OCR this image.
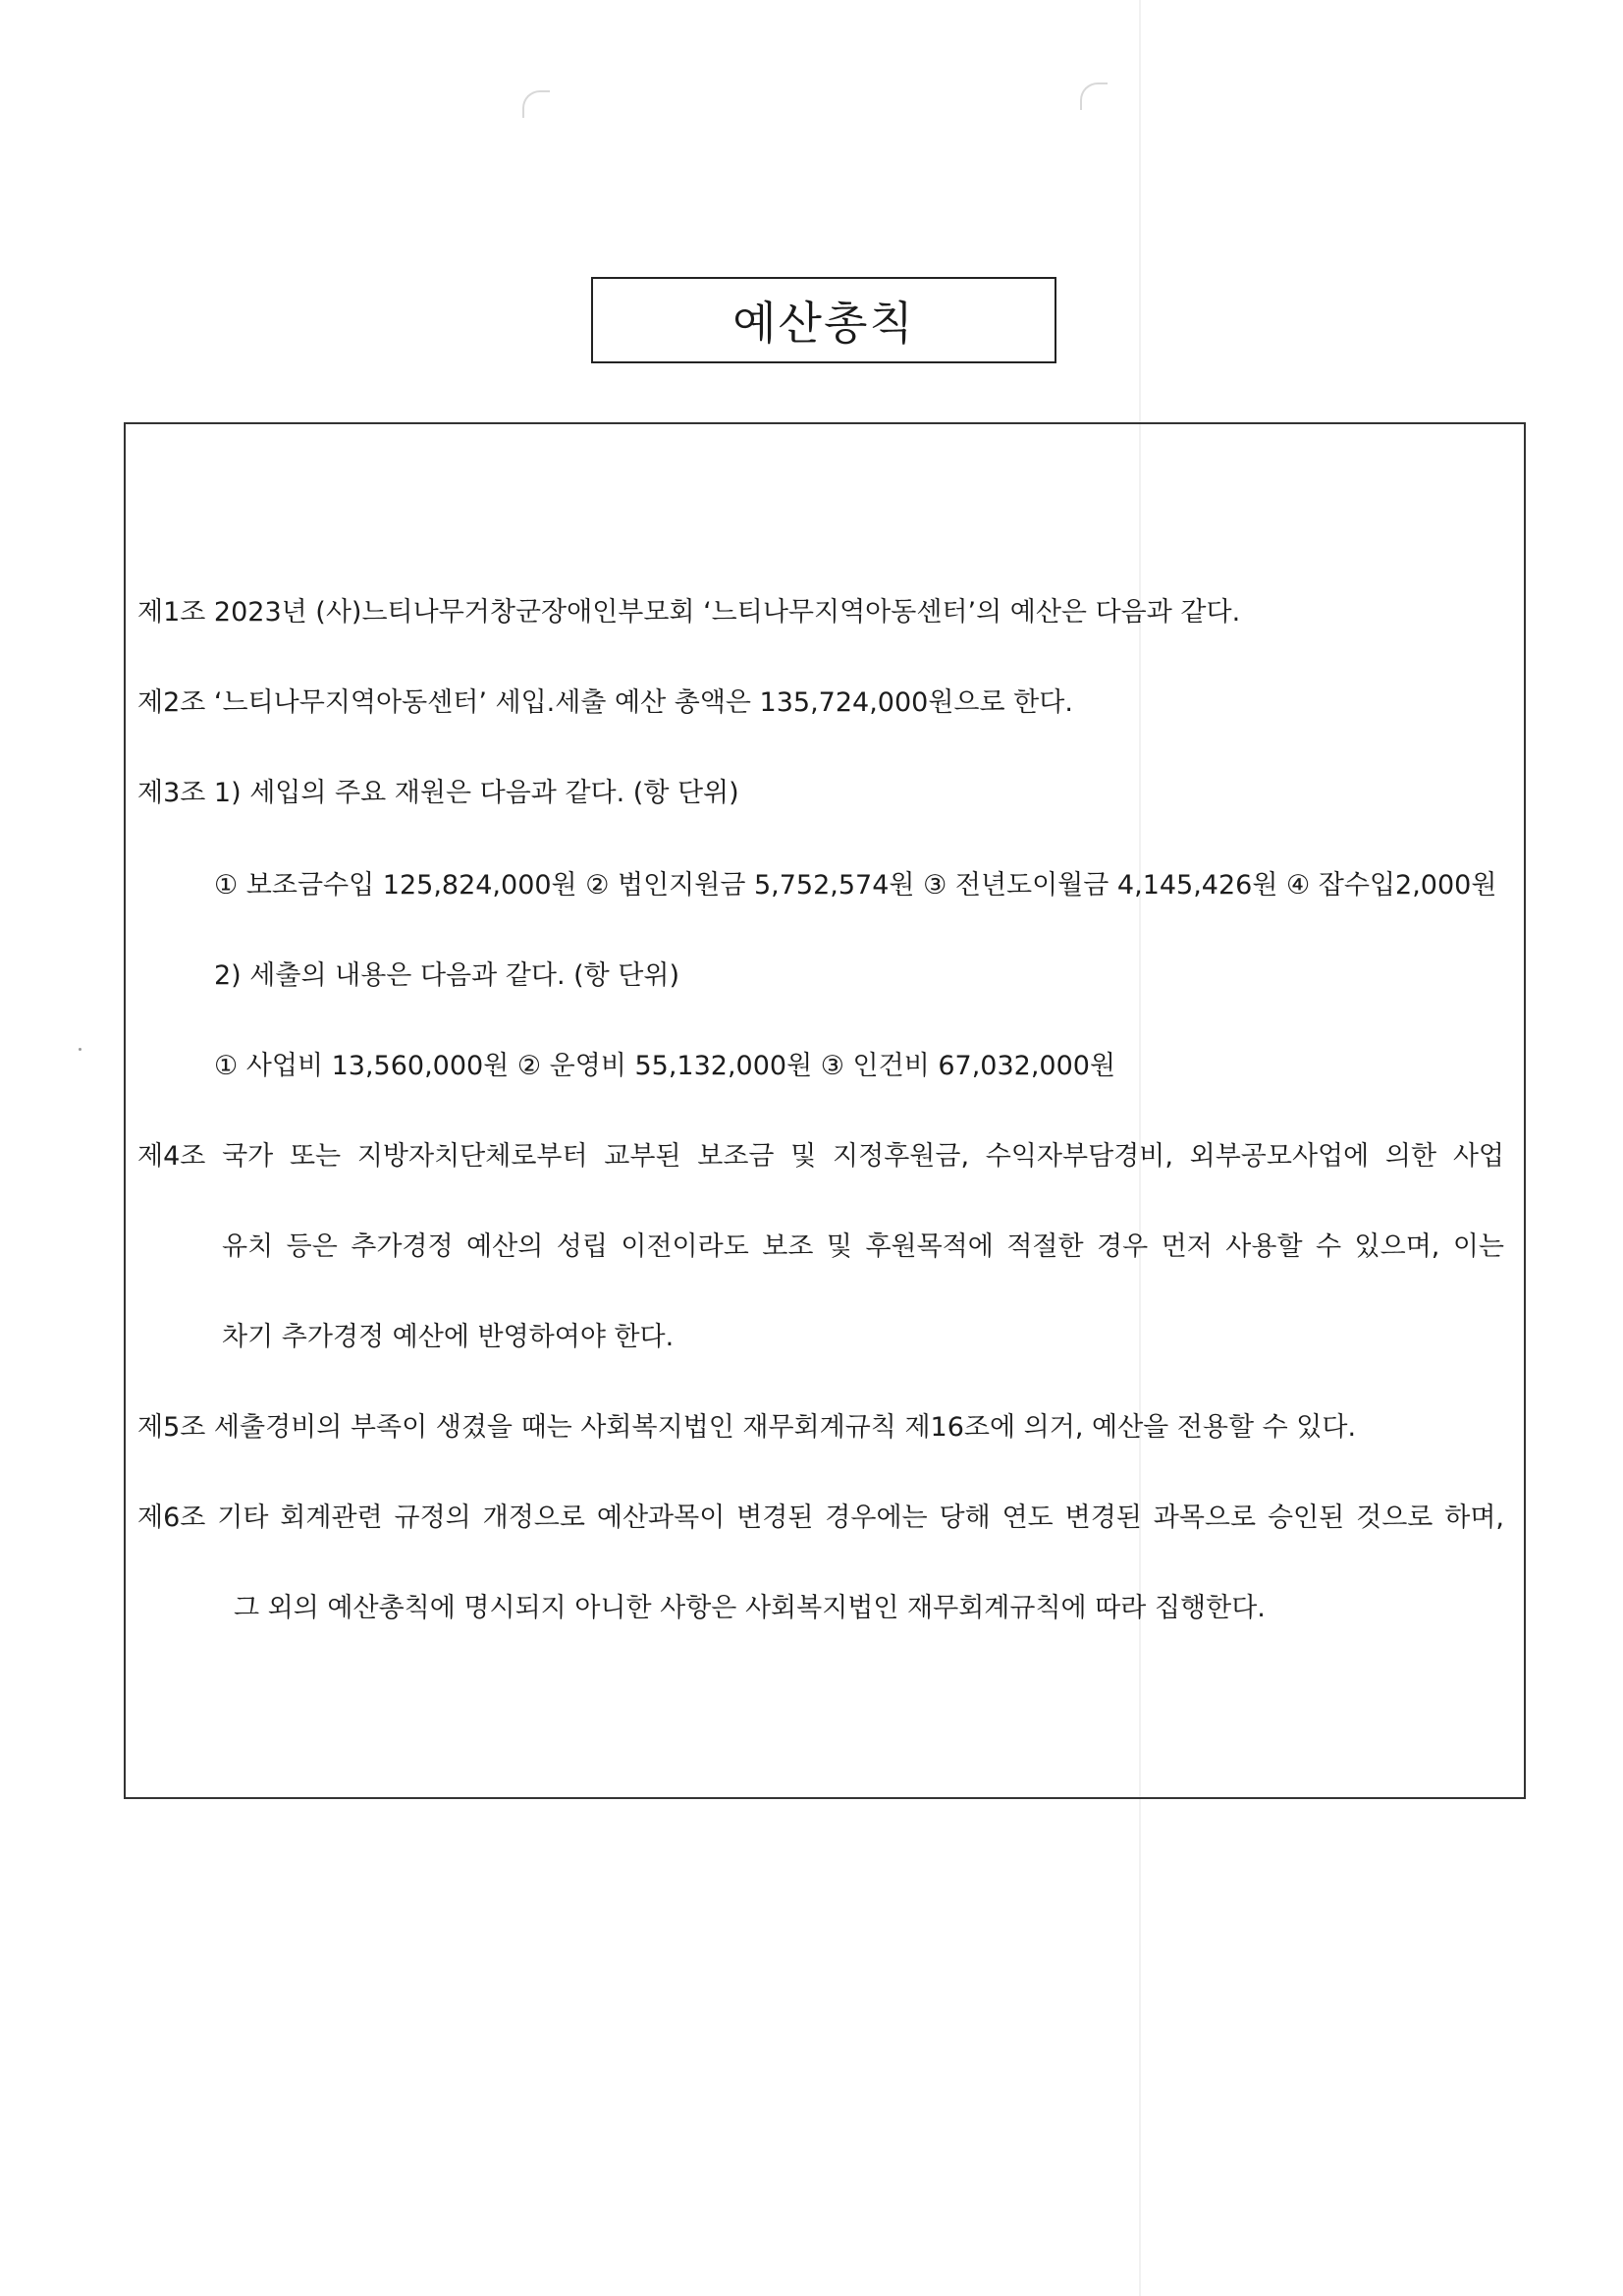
예산총칙
제1조 2023년 (사)느티나무거창군장애인부모회 ‘느티나무지역아동센터’의 예산은 다음과 같다.
제2조 ‘느티나무지역아동센터’ 세입.세출 예산 총액은 135,724,000원으로 한다.
제3조 1) 세입의 주요 재원은 다음과 같다. (항 단위)
① 보조금수입 125,824,000원 ② 법인지원금 5,752,574원 ③ 전년도이월금 4,145,426원 ④ 잡수입2,000원
2) 세출의 내용은 다음과 같다. (항 단위)
① 사업비 13,560,000원 ② 운영비 55,132,000원 ③ 인건비 67,032,000원
제4조 국가 또는 지방자치단체로부터 교부된 보조금 및 지정후원금, 수익자부담경비, 외부공모사업에 의한 사업
유치 등은 추가경정 예산의 성립 이전이라도 보조 및 후원목적에 적절한 경우 먼저 사용할 수 있으며, 이는
차기 추가경정 예산에 반영하여야 한다.
제5조 세출경비의 부족이 생겼을 때는 사회복지법인 재무회계규칙 제16조에 의거, 예산을 전용할 수 있다.
제6조 기타 회계관련 규정의 개정으로 예산과목이 변경된 경우에는 당해 연도 변경된 과목으로 승인된 것으로 하며,
그 외의 예산총칙에 명시되지 아니한 사항은 사회복지법인 재무회계규칙에 따라 집행한다.
